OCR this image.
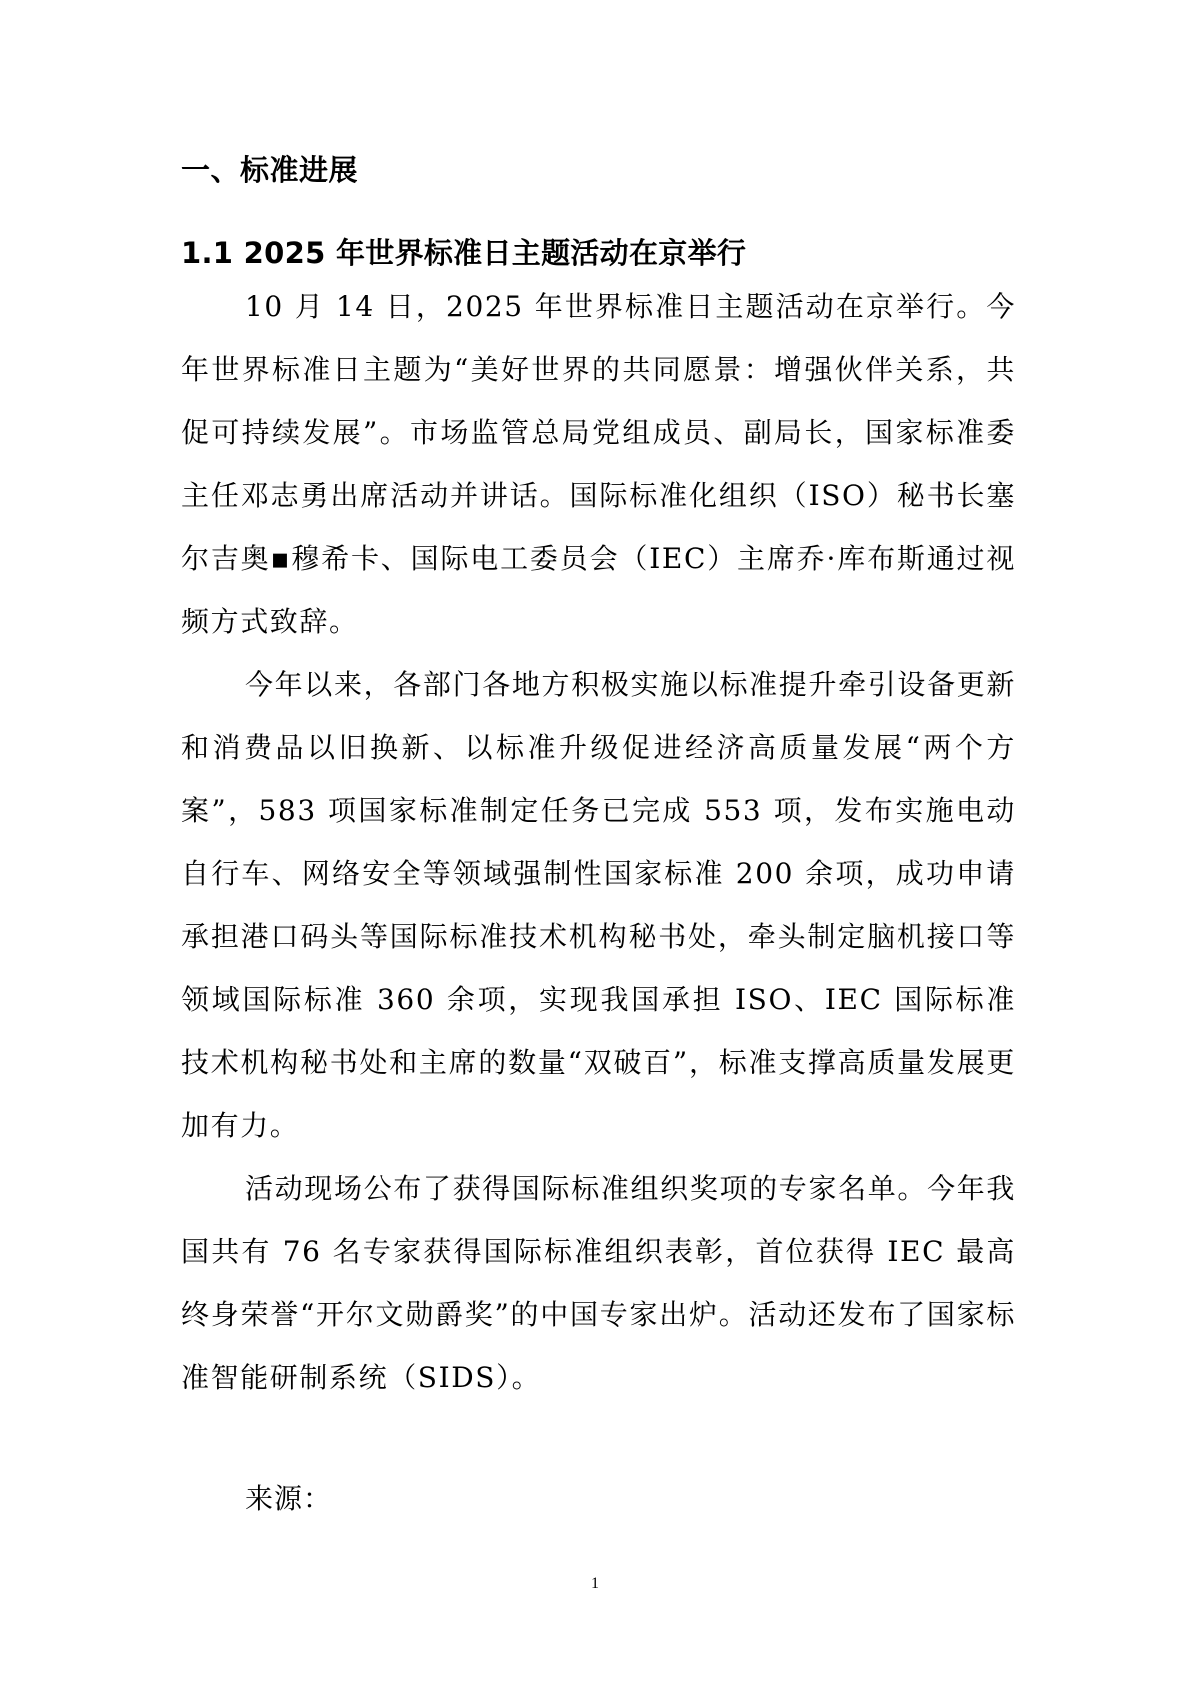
一、标准进展
1.1 2025 年世界标准日主题活动在京举行

10 月 14 日，2025 年世界标准日主题活动在京举行。今年世界标准日主题为“美好世界的共同愿景：增强伙伴关系，共促可持续发展”。市场监管总局党组成员、副局长，国家标准委主任邓志勇出席活动并讲话。国际标准化组织（ISO）秘书长塞尔吉奥▪穆希卡、国际电工委员会（IEC）主席乔·库布斯通过视频方式致辞。

今年以来，各部门各地方积极实施以标准提升牵引设备更新和消费品以旧换新、以标准升级促进经济高质量发展“两个方案”，583 项国家标准制定任务已完成 553 项，发布实施电动自行车、网络安全等领域强制性国家标准 200 余项，成功申请承担港口码头等国际标准技术机构秘书处，牵头制定脑机接口等领域国际标准 360 余项，实现我国承担 ISO、IEC 国际标准技术机构秘书处和主席的数量“双破百”，标准支撑高质量发展更加有力。

活动现场公布了获得国际标准组织奖项的专家名单。今年我国共有 76 名专家获得国际标准组织表彰，首位获得 IEC 最高终身荣誉“开尔文勋爵奖”的中国专家出炉。活动还发布了国家标准智能研制系统（SIDS）。

来源：

1
